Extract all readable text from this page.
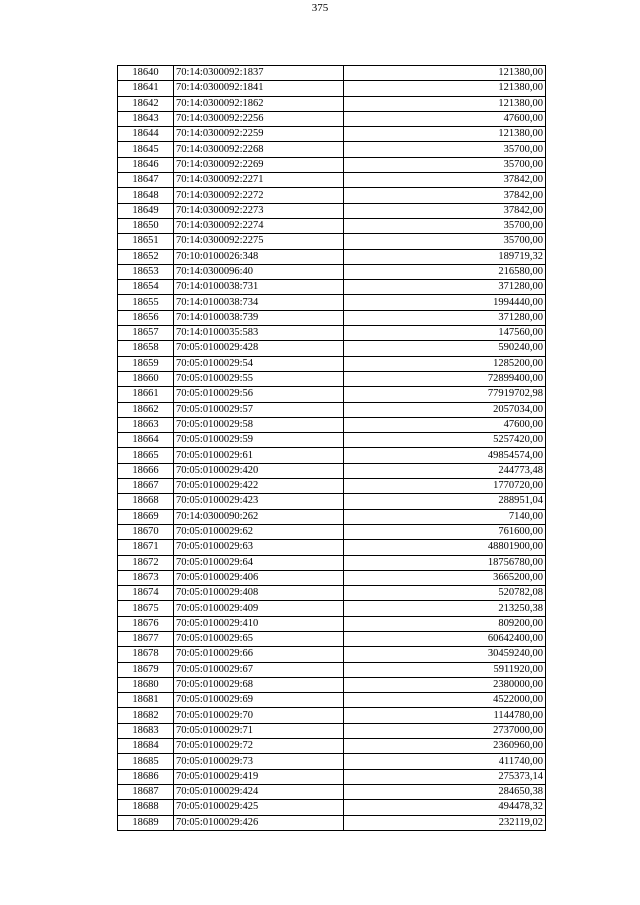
375
18640	70:14:0300092:1837	121380,00
18641	70:14:0300092:1841	121380,00
18642	70:14:0300092:1862	121380,00
18643	70:14:0300092:2256	47600,00
18644	70:14:0300092:2259	121380,00
18645	70:14:0300092:2268	35700,00
18646	70:14:0300092:2269	35700,00
18647	70:14:0300092:2271	37842,00
18648	70:14:0300092:2272	37842,00
18649	70:14:0300092:2273	37842,00
18650	70:14:0300092:2274	35700,00
18651	70:14:0300092:2275	35700,00
18652	70:10:0100026:348	189719,32
18653	70:14:0300096:40	216580,00
18654	70:14:0100038:731	371280,00
18655	70:14:0100038:734	1994440,00
18656	70:14:0100038:739	371280,00
18657	70:14:0100035:583	147560,00
18658	70:05:0100029:428	590240,00
18659	70:05:0100029:54	1285200,00
18660	70:05:0100029:55	72899400,00
18661	70:05:0100029:56	77919702,98
18662	70:05:0100029:57	2057034,00
18663	70:05:0100029:58	47600,00
18664	70:05:0100029:59	5257420,00
18665	70:05:0100029:61	49854574,00
18666	70:05:0100029:420	244773,48
18667	70:05:0100029:422	1770720,00
18668	70:05:0100029:423	288951,04
18669	70:14:0300090:262	7140,00
18670	70:05:0100029:62	761600,00
18671	70:05:0100029:63	48801900,00
18672	70:05:0100029:64	18756780,00
18673	70:05:0100029:406	3665200,00
18674	70:05:0100029:408	520782,08
18675	70:05:0100029:409	213250,38
18676	70:05:0100029:410	809200,00
18677	70:05:0100029:65	60642400,00
18678	70:05:0100029:66	30459240,00
18679	70:05:0100029:67	5911920,00
18680	70:05:0100029:68	2380000,00
18681	70:05:0100029:69	4522000,00
18682	70:05:0100029:70	1144780,00
18683	70:05:0100029:71	2737000,00
18684	70:05:0100029:72	2360960,00
18685	70:05:0100029:73	411740,00
18686	70:05:0100029:419	275373,14
18687	70:05:0100029:424	284650,38
18688	70:05:0100029:425	494478,32
18689	70:05:0100029:426	232119,02
